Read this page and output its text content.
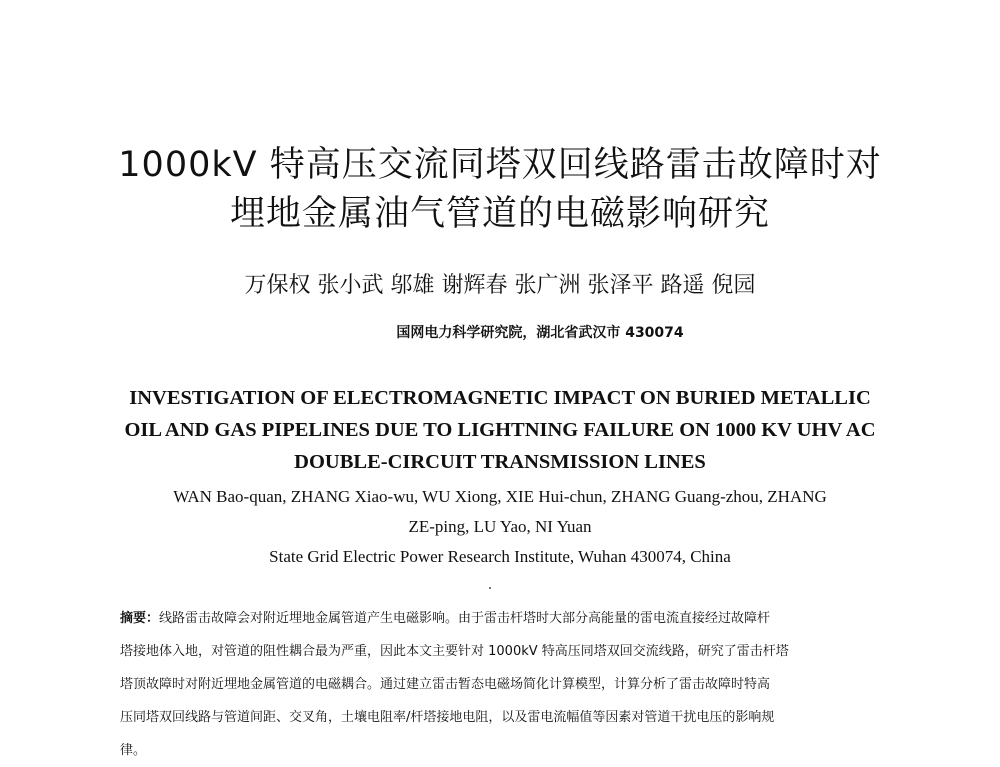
1000kV 特高压交流同塔双回线路雷击故障时对
埋地金属油气管道的电磁影响研究
万保权 张小武 邬雄 谢辉春 张广洲 张泽平 路遥 倪园
国网电力科学研究院，湖北省武汉市 430074
INVESTIGATION OF ELECTROMAGNETIC IMPACT ON BURIED METALLIC
OIL AND GAS PIPELINES DUE TO LIGHTNING FAILURE ON 1000 KV UHV AC
DOUBLE-CIRCUIT TRANSMISSION LINES
WAN Bao-quan, ZHANG Xiao-wu, WU Xiong, XIE Hui-chun, ZHANG Guang-zhou, ZHANG
ZE-ping, LU Yao, NI Yuan
State Grid Electric Power Research Institute, Wuhan 430074, China
摘要：线路雷击故障会对附近埋地金属管道产生电磁影响。由于雷击杆塔时大部分高能量的雷电流直接经过故障杆
塔接地体入地，对管道的阻性耦合最为严重，因此本文主要针对 1000kV 特高压同塔双回交流线路，研究了雷击杆塔
塔顶故障时对附近埋地金属管道的电磁耦合。通过建立雷击暂态电磁场简化计算模型，计算分析了雷击故障时特高
压同塔双回线路与管道间距、交叉角，土壤电阻率/杆塔接地电阻，以及雷电流幅值等因素对管道干扰电压的影响规
律。
